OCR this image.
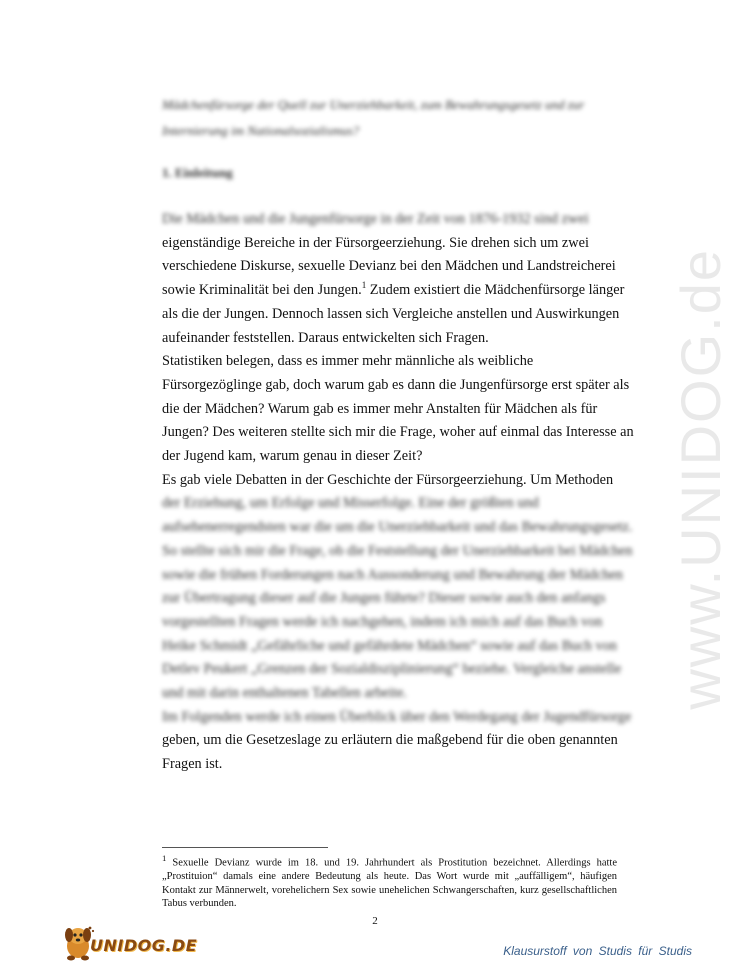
www.UNIDOG.de
Mädchenfürsorge der Quell zur Unerziehbarkeit, zum Bewahrungsgesetz und zur Internierung im Nationalsozialismus?
1. Einleitung
Die Mädchen und die Jungenfürsorge in der Zeit von 1876-1932 sind zwei
eigenständige Bereiche in der Fürsorgeerziehung. Sie drehen sich um zwei
verschiedene Diskurse, sexuelle Devianz bei den Mädchen und Landstreicherei
sowie Kriminalität bei den Jungen.$^1$ Zudem existiert die Mädchenfürsorge länger
als die der Jungen. Dennoch lassen sich Vergleiche anstellen und Auswirkungen
aufeinander feststellen. Daraus entwickelten sich Fragen.
Statistiken belegen, dass es immer mehr männliche als weibliche
Fürsorgezöglinge gab, doch warum gab es dann die Jungenfürsorge erst später als
die der Mädchen? Warum gab es immer mehr Anstalten für Mädchen als für
Jungen? Des weiteren stellte sich mir die Frage, woher auf einmal das Interesse an
der Jugend kam, warum genau in dieser Zeit?
Es gab viele Debatten in der Geschichte der Fürsorgeerziehung. Um Methoden
der Erziehung, um Erfolge und Misserfolge. Eine der größten und
aufsehenerregendsten war die um die Unerziehbarkeit und das Bewahrungsgesetz.
So stellte sich mir die Frage, ob die Feststellung der Unerziehbarkeit bei Mädchen
sowie die frühen Forderungen nach Aussonderung und Bewahrung der Mädchen
zur Übertragung dieser auf die Jungen führte? Dieser sowie auch den anfangs
vorgestellten Fragen werde ich nachgehen, indem ich mich auf das Buch von
Heike Schmidt „Gefährliche und gefährdete Mädchen“ sowie auf das Buch von
Detlev Peukert „Grenzen der Sozialdisziplinierung“ beziehe. Vergleiche anstelle
und mit darin enthaltenen Tabellen arbeite.
Im Folgenden werde ich einen Überblick über den Werdegang der Jugendfürsorge
geben, um die Gesetzeslage zu erläutern die maßgebend für die oben genannten
Fragen ist.
$^1$ Sexuelle Devianz wurde im 18. und 19. Jahrhundert als Prostitution bezeichnet. Allerdings hatte „Prostituion“ damals eine andere Bedeutung als heute. Das Wort wurde mit „auffälligem“, häufigen Kontakt zur Männerwelt, vorehelichern Sex sowie unehelichen Schwangerschaften, kurz gesellschaftlichen Tabus verbunden.
2
UNIDOG.DE	Klausurstoff von Studis für Studis
